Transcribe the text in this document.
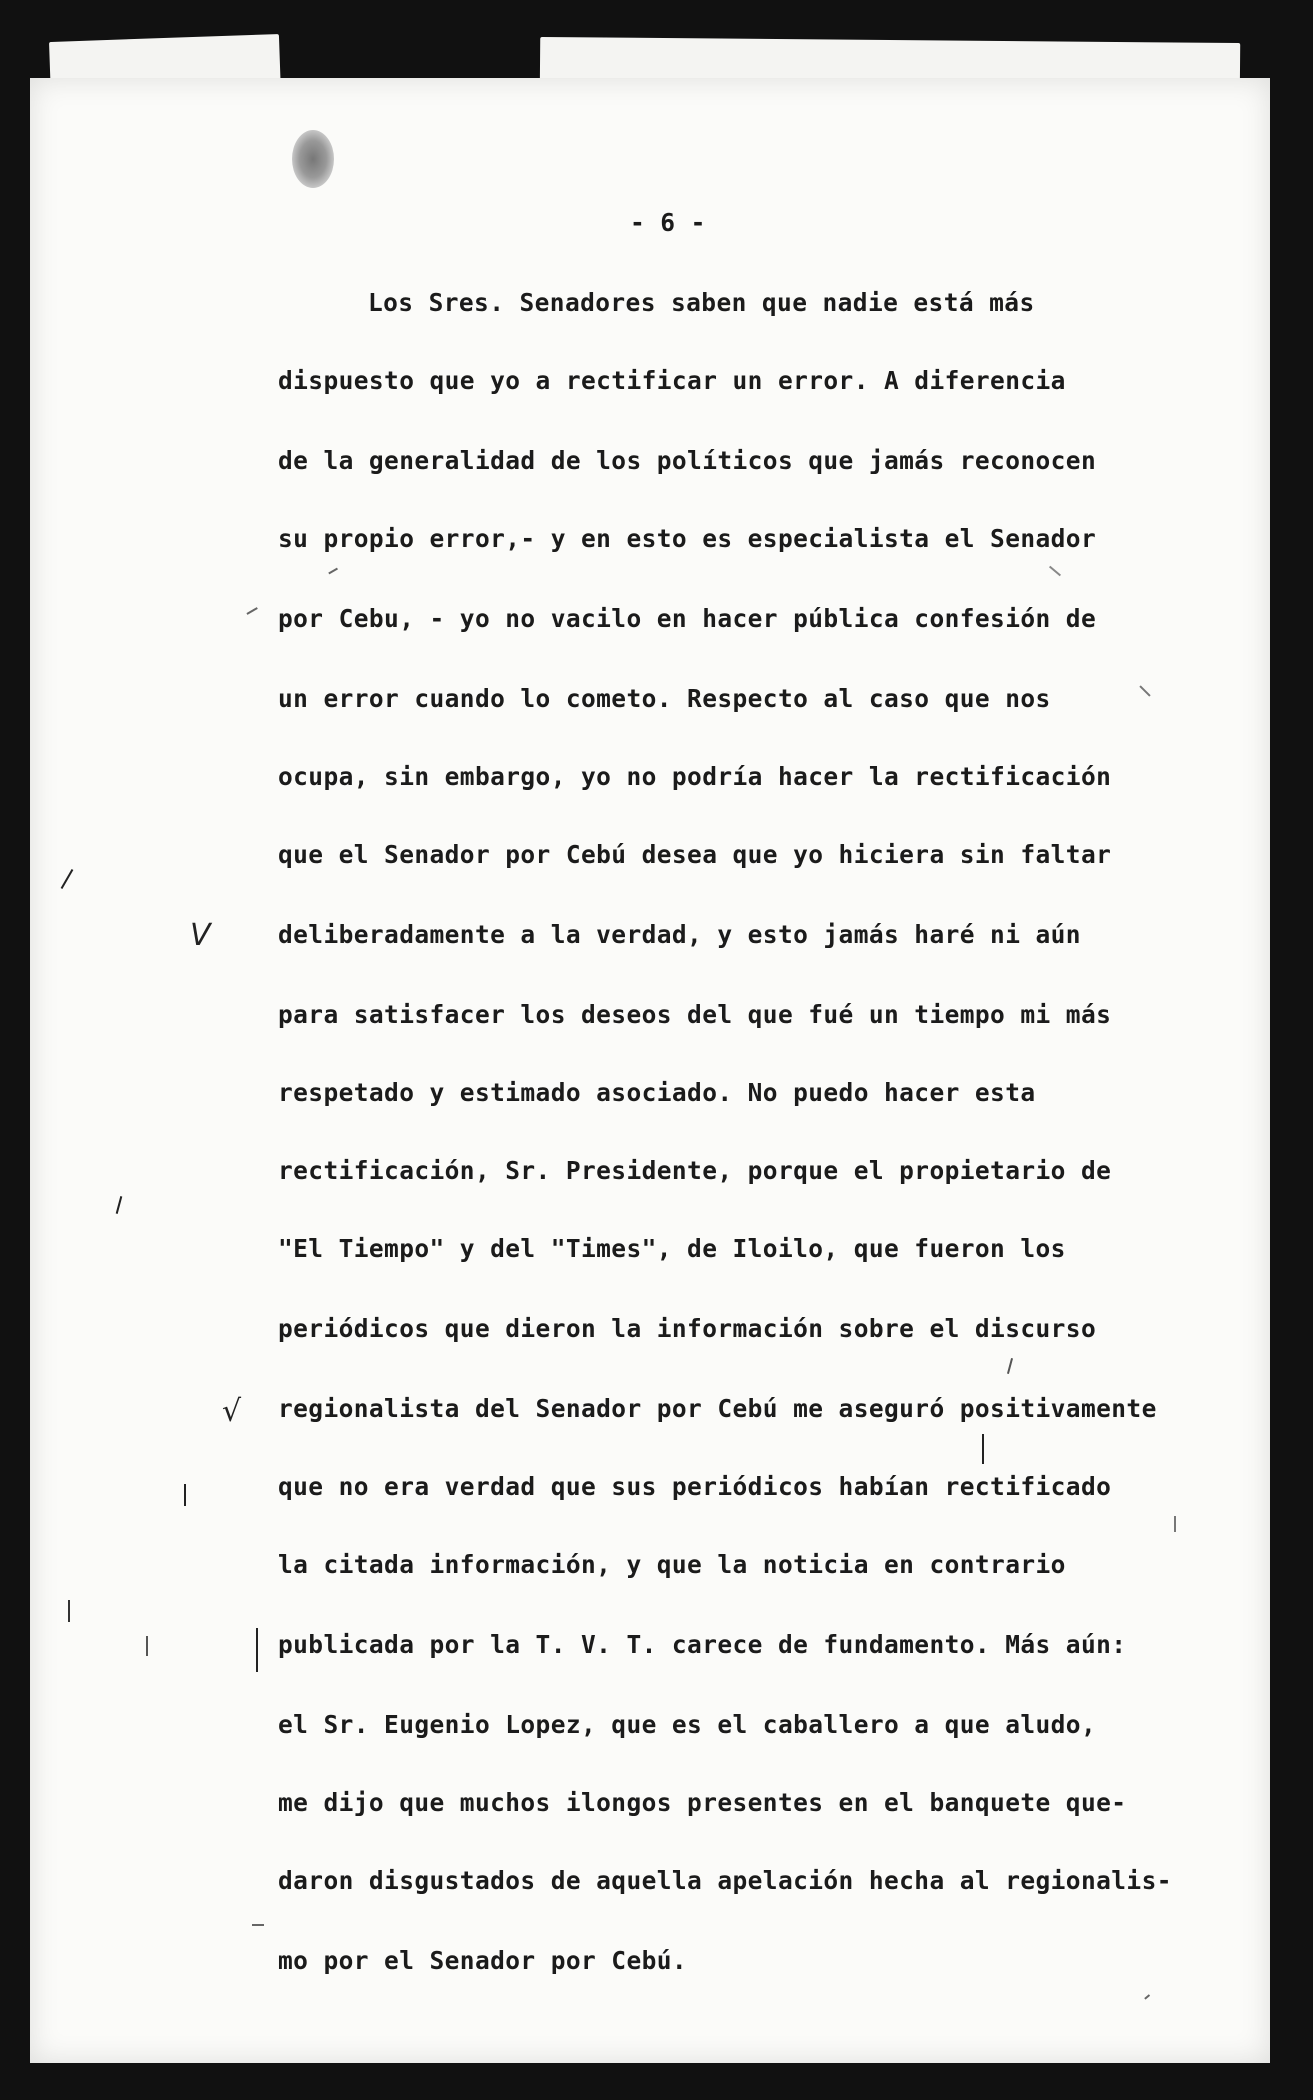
- 6 -

Los Sres. Senadores saben que nadie está más

dispuesto que yo a rectificar un error. A diferencia

de la generalidad de los políticos que jamás reconocen

su propio error,- y en esto es especialista el Senador

por Cebu, - yo no vacilo en hacer pública confesión de

un error cuando lo cometo. Respecto al caso que nos

ocupa, sin embargo, yo no podría hacer la rectificación

que el Senador por Cebú desea que yo hiciera sin faltar

deliberadamente a la verdad, y esto jamás haré ni aún

para satisfacer los deseos del que fué un tiempo mi más

respetado y estimado asociado. No puedo hacer esta

rectificación, Sr. Presidente, porque el propietario de

"El Tiempo" y del "Times", de Iloilo, que fueron los

periódicos que dieron la información sobre el discurso

regionalista del Senador por Cebú me aseguró positivamente

que no era verdad que sus periódicos habían rectificado

la citada información, y que la noticia en contrario

publicada por la T. V. T. carece de fundamento. Más aún:

el Sr. Eugenio Lopez, que es el caballero a que aludo,

me dijo que muchos ilongos presentes en el banquete que-

daron disgustados de aquella apelación hecha al regionalis-

mo por el Senador por Cebú.

V

√
